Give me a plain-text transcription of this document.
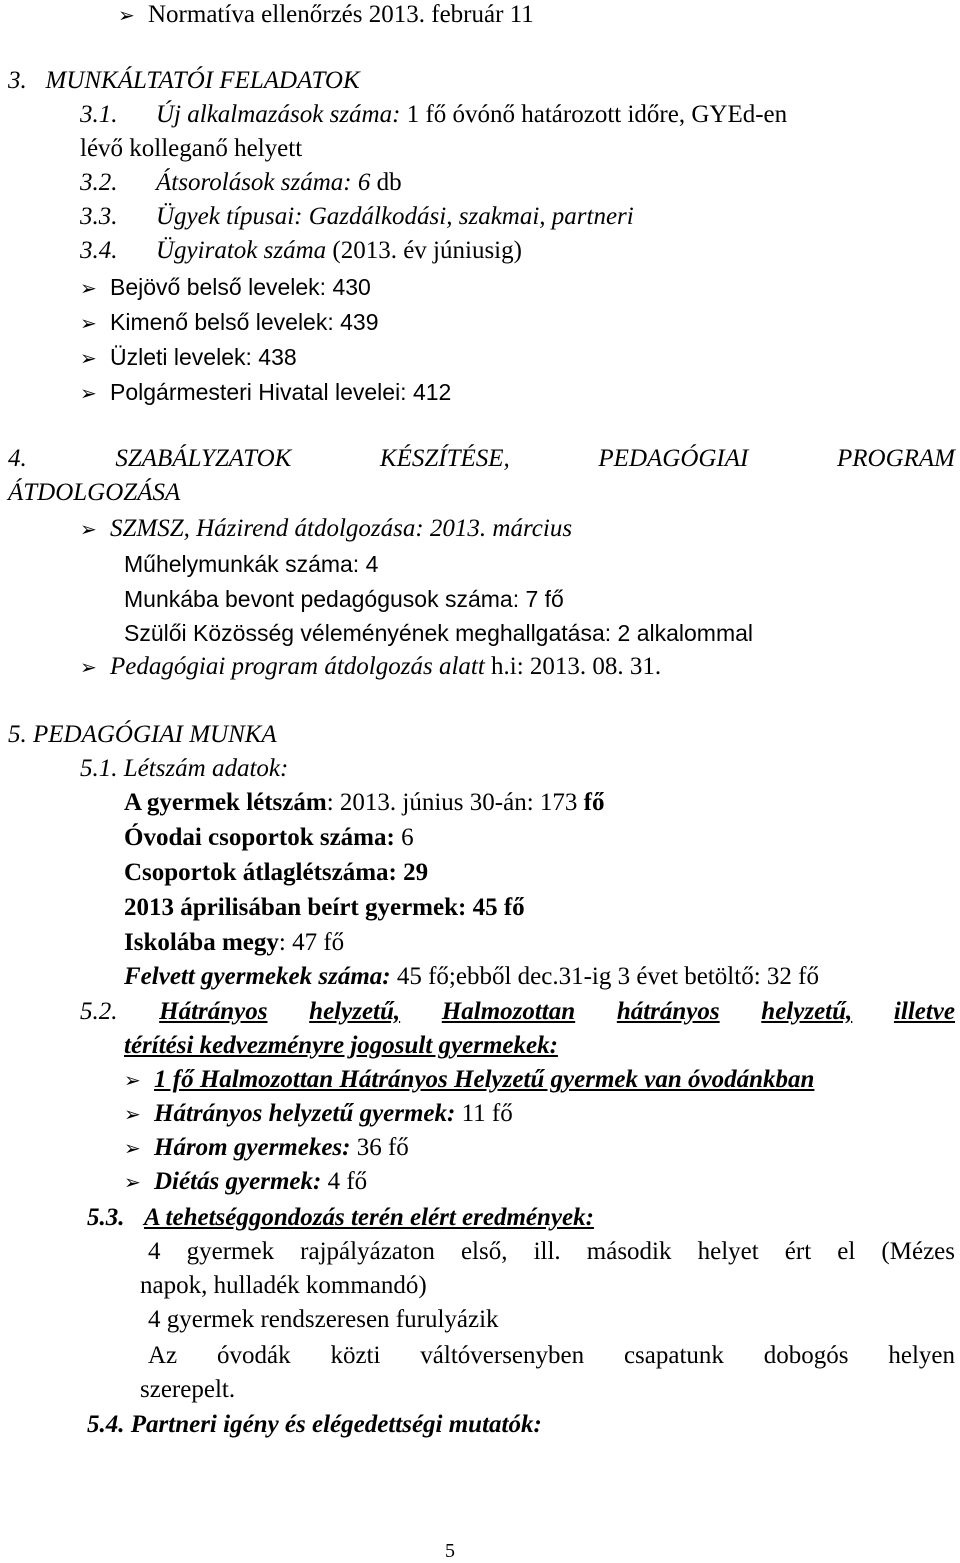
➢ Normatíva ellenőrzés 2013. február 11
3. MUNKÁLTATÓI FELADATOK
3.1. Új alkalmazások száma: 1 fő óvónő határozott időre, GYEd-en
lévő kolleganő helyett
3.2. Átsorolások száma: 6 db
3.3. Ügyek típusai: Gazdálkodási, szakmai, partneri
3.4. Ügyiratok száma (2013. év júniusig)
➢ Bejövő belső levelek: 430
➢ Kimenő belső levelek: 439
➢ Üzleti levelek: 438
➢ Polgármesteri Hivatal levelei: 412
4.	SZABÁLYZATOK	KÉSZÍTÉSE,	PEDAGÓGIAI	PROGRAM
ÁTDOLGOZÁSA
➢ SZMSZ, Házirend átdolgozása: 2013. március
Műhelymunkák száma: 4
Munkába bevont pedagógusok száma: 7 fő
Szülői Közösség véleményének meghallgatása: 2 alkalommal
➢ Pedagógiai program átdolgozás alatt h.i: 2013. 08. 31.
5. PEDAGÓGIAI MUNKA
5.1. Létszám adatok:
A gyermek létszám: 2013. június 30-án: 173 fő
Óvodai csoportok száma: 6
Csoportok átlaglétszáma: 29
2013 áprilisában beírt gyermek: 45 fő
Iskolába megy: 47 fő
Felvett gyermekek száma: 45 fő;ebből dec.31-ig 3 évet betöltő: 32 fő
5.2. Hátrányos helyzetű, Halmozottan hátrányos helyzetű, illetve
térítési kedvezményre jogosult gyermekek:
➢ 1 fő Halmozottan Hátrányos Helyzetű gyermek van óvodánkban
➢ Hátrányos helyzetű gyermek: 11 fő
➢ Három gyermekes: 36 fő
➢ Diétás gyermek: 4 fő
5.3. A tehetséggondozás terén elért eredmények:
4 gyermek rajpályázaton első, ill. második helyet ért el (Mézes
napok, hulladék kommandó)
4 gyermek rendszeresen furulyázik
Az óvodák közti váltóversenyben csapatunk dobogós helyen
szerepelt.
5.4. Partneri igény és elégedettségi mutatók:
5
